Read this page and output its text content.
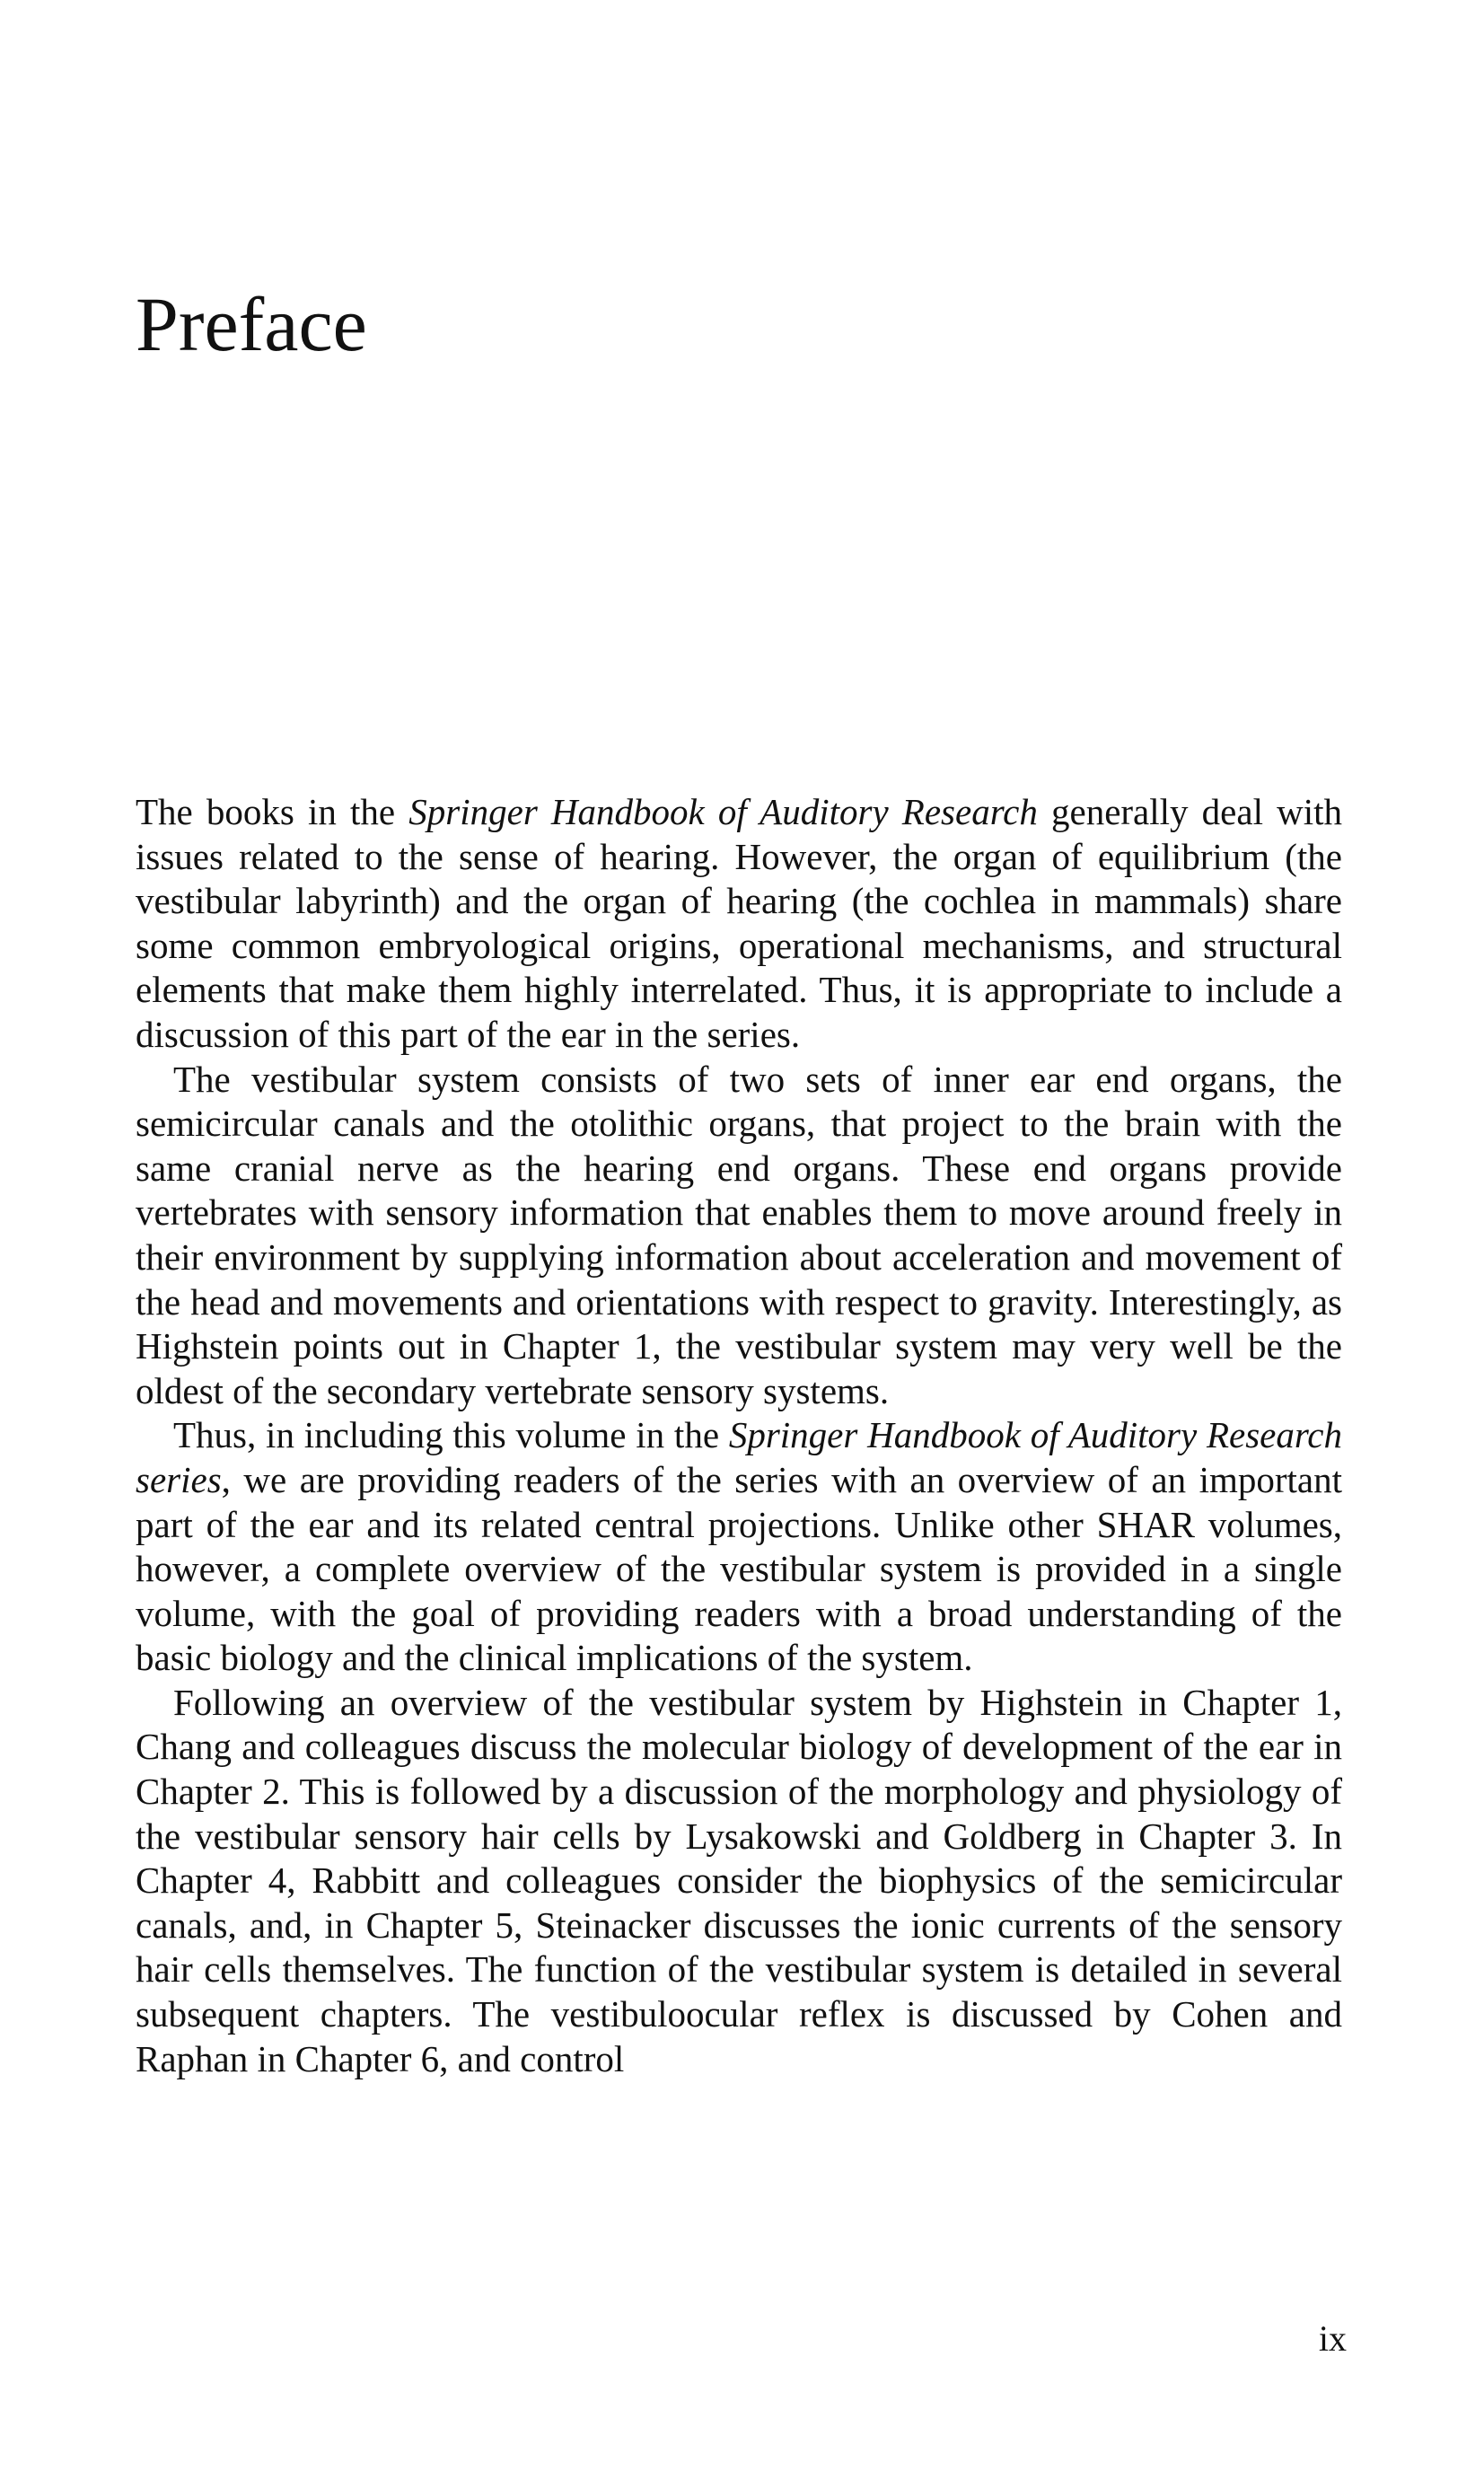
Preface

The books in the Springer Handbook of Auditory Research generally deal with issues related to the sense of hearing. However, the organ of equilibrium (the vestibular labyrinth) and the organ of hearing (the cochlea in mammals) share some common embryological origins, operational mechanisms, and structural elements that make them highly interrelated. Thus, it is appropriate to include a discussion of this part of the ear in the series.

The vestibular system consists of two sets of inner ear end organs, the semicircular canals and the otolithic organs, that project to the brain with the same cranial nerve as the hearing end organs. These end organs provide vertebrates with sensory information that enables them to move around freely in their environment by supplying information about acceleration and movement of the head and movements and orientations with respect to gravity. Interestingly, as Highstein points out in Chapter 1, the vestibular system may very well be the oldest of the secondary vertebrate sensory systems.

Thus, in including this volume in the Springer Handbook of Auditory Research series, we are providing readers of the series with an overview of an important part of the ear and its related central projections. Unlike other SHAR volumes, however, a complete overview of the vestibular system is provided in a single volume, with the goal of providing readers with a broad understanding of the basic biology and the clinical implications of the system.

Following an overview of the vestibular system by Highstein in Chapter 1, Chang and colleagues discuss the molecular biology of development of the ear in Chapter 2. This is followed by a discussion of the morphology and physiology of the vestibular sensory hair cells by Lysakowski and Goldberg in Chapter 3. In Chapter 4, Rabbitt and colleagues consider the biophysics of the semicircular canals, and, in Chapter 5, Steinacker discusses the ionic currents of the sensory hair cells themselves. The function of the vestibular system is detailed in several subsequent chapters. The vestibuloocular reflex is discussed by Cohen and Raphan in Chapter 6, and control

ix
